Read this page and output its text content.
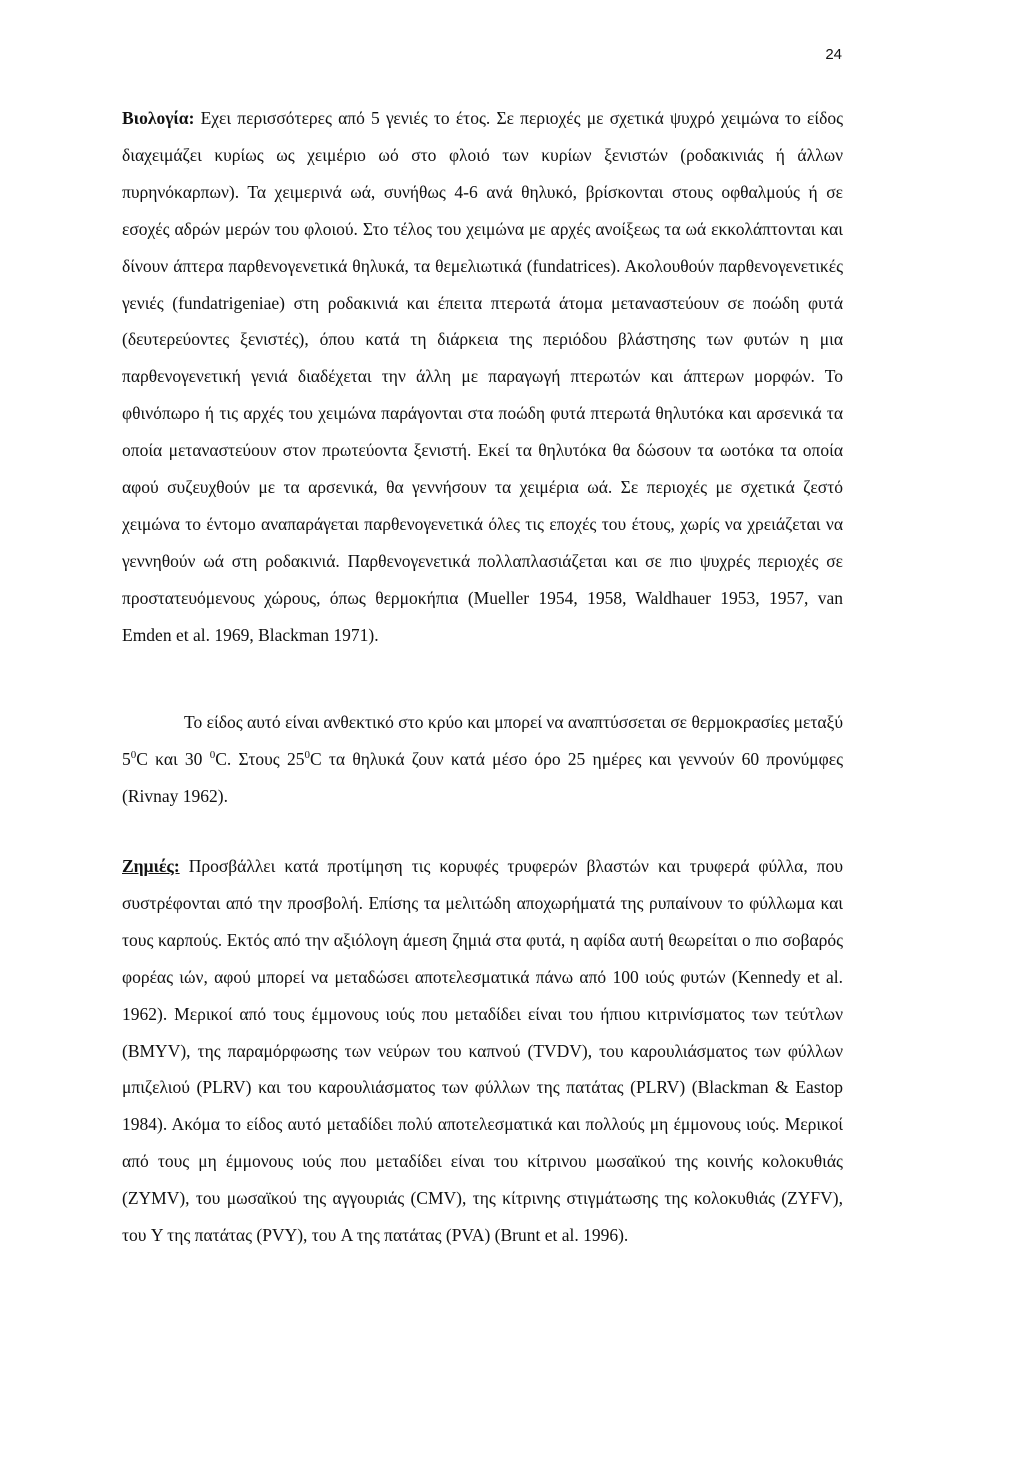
24

Βιολογία: Εχει περισσότερες από 5 γενιές το έτος. Σε περιοχές με σχετικά ψυχρό χειμώνα το είδος διαχειμάζει κυρίως ως χειμέριο ωό στο φλοιό των κυρίων ξενιστών (ροδακινιάς ή άλλων πυρηνόκαρπων). Τα χειμερινά ωά, συνήθως 4-6 ανά θηλυκό, βρίσκονται στους οφθαλμούς ή σε εσοχές αδρών μερών του φλοιού. Στο τέλος του χειμώνα με αρχές ανοίξεως τα ωά εκκολάπτονται και δίνουν άπτερα παρθενογενετικά θηλυκά, τα θεμελιωτικά (fundatrices). Ακολουθούν παρθενογενετικές γενιές (fundatrigeniae) στη ροδακινιά και έπειτα πτερωτά άτομα μεταναστεύουν σε ποώδη φυτά (δευτερεύοντες ξενιστές), όπου κατά τη διάρκεια της περιόδου βλάστησης των φυτών η μια παρθενογενετική γενιά διαδέχεται την άλλη με παραγωγή πτερωτών και άπτερων μορφών. Το φθινόπωρο ή τις αρχές του χειμώνα παράγονται στα ποώδη φυτά πτερωτά θηλυτόκα και αρσενικά τα οποία μεταναστεύουν στον πρωτεύοντα ξενιστή. Εκεί τα θηλυτόκα θα δώσουν τα ωοτόκα τα οποία αφού συζευχθούν με τα αρσενικά, θα γεννήσουν τα χειμέρια ωά. Σε περιοχές με σχετικά ζεστό χειμώνα το έντομο αναπαράγεται παρθενογενετικά όλες τις εποχές του έτους, χωρίς να χρειάζεται να γεννηθούν ωά στη ροδακινιά. Παρθενογενετικά πολλαπλασιάζεται και σε πιο ψυχρές περιοχές σε προστατευόμενους χώρους, όπως θερμοκήπια (Mueller 1954, 1958, Waldhauer 1953, 1957, van Emden et al. 1969, Blackman 1971).

Το είδος αυτό είναι ανθεκτικό στο κρύο και μπορεί να αναπτύσσεται σε θερμοκρασίες μεταξύ $5^0C$ και 30 $^0$C. Στους $25^0C$ τα θηλυκά ζουν κατά μέσο όρο 25 ημέρες και γεννούν 60 προνύμφες (Rivnay 1962).

Ζημιές: Προσβάλλει κατά προτίμηση τις κορυφές τρυφερών βλαστών και τρυφερά φύλλα, που συστρέφονται από την προσβολή. Επίσης τα μελιτώδη αποχωρήματά της ρυπαίνουν το φύλλωμα και τους καρπούς. Εκτός από την αξιόλογη άμεση ζημιά στα φυτά, η αφίδα αυτή θεωρείται ο πιο σοβαρός φορέας ιών, αφού μπορεί να μεταδώσει αποτελεσματικά πάνω από 100 ιούς φυτών (Kennedy et al. 1962). Μερικοί από τους έμμονους ιούς που μεταδίδει είναι του ήπιου κιτρινίσματος των τεύτλων (BMYV), της παραμόρφωσης των νεύρων του καπνού (TVDV), του καρουλιάσματος των φύλλων μπιζελιού (PLRV) και του καρουλιάσματος των φύλλων της πατάτας (PLRV) (Blackman & Eastop 1984). Ακόμα το είδος αυτό μεταδίδει πολύ αποτελεσματικά και πολλούς μη έμμονους ιούς. Μερικοί από τους μη έμμονους ιούς που μεταδίδει είναι του κίτρινου μωσαϊκού της κοινής κολοκυθιάς (ZYMV), του μωσαϊκού της αγγουριάς (CMV), της κίτρινης στιγμάτωσης της κολοκυθιάς (ZYFV), του Y της πατάτας (PVY), του A της πατάτας (PVA) (Brunt et al. 1996).
